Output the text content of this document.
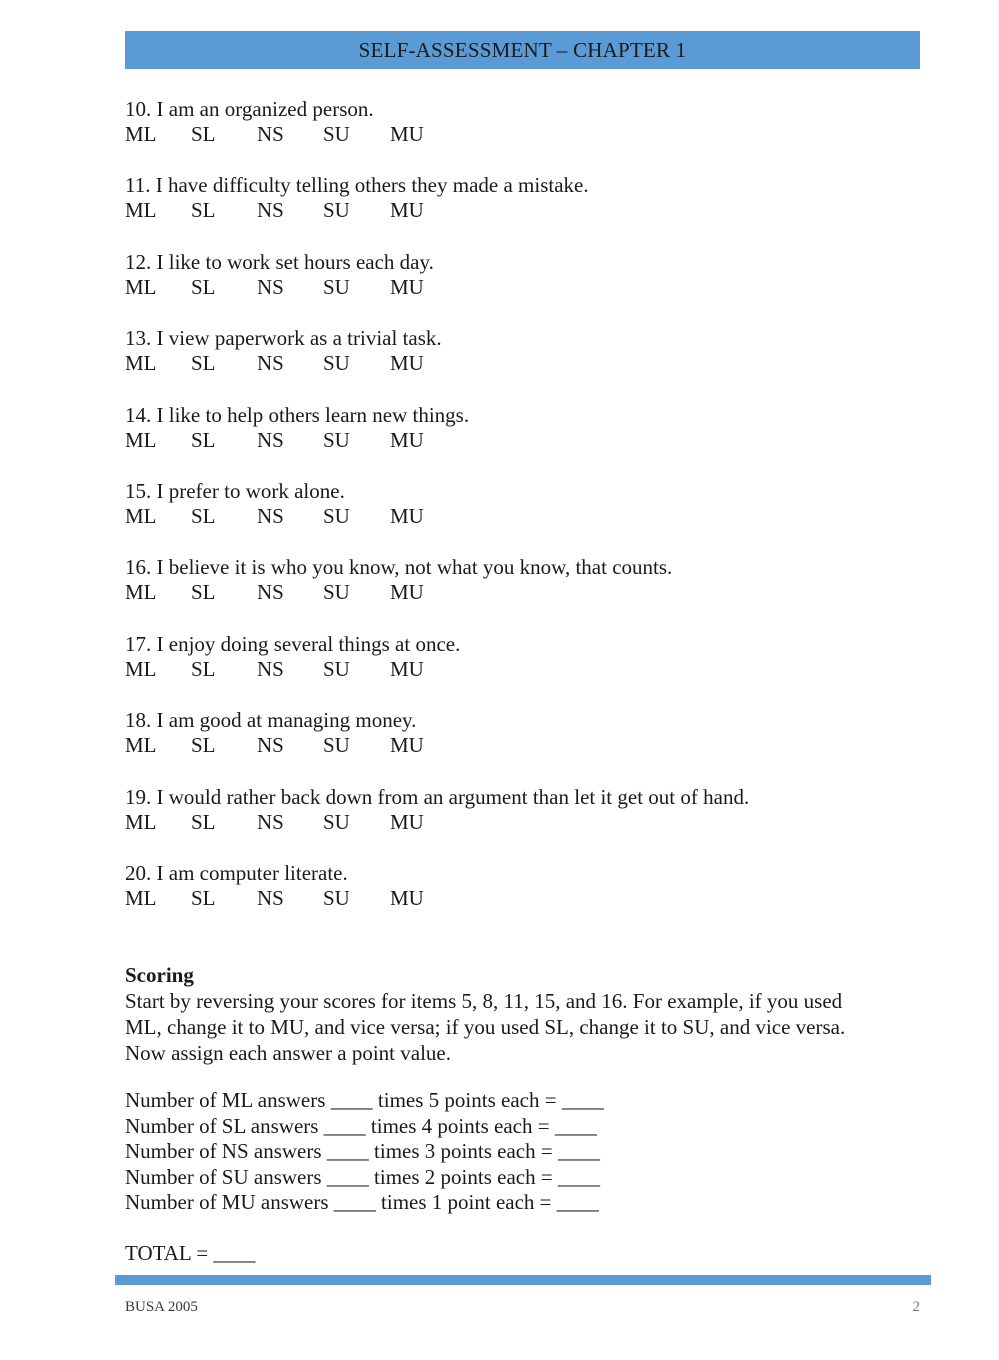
SELF-ASSESSMENT – CHAPTER 1
10. I am an organized person.
ML SL NS SU MU
11. I have difficulty telling others they made a mistake.
ML SL NS SU MU
12. I like to work set hours each day.
ML SL NS SU MU
13. I view paperwork as a trivial task.
ML SL NS SU MU
14. I like to help others learn new things.
ML SL NS SU MU
15. I prefer to work alone.
ML SL NS SU MU
16. I believe it is who you know, not what you know, that counts.
ML SL NS SU MU
17. I enjoy doing several things at once.
ML SL NS SU MU
18. I am good at managing money.
ML SL NS SU MU
19. I would rather back down from an argument than let it get out of hand.
ML SL NS SU MU
20. I am computer literate.
ML SL NS SU MU
Scoring
Start by reversing your scores for items 5, 8, 11, 15, and 16. For example, if you used
ML, change it to MU, and vice versa; if you used SL, change it to SU, and vice versa.
Now assign each answer a point value.
Number of ML answers ____ times 5 points each = ____
Number of SL answers ____ times 4 points each = ____
Number of NS answers ____ times 3 points each = ____
Number of SU answers ____ times 2 points each = ____
Number of MU answers ____ times 1 point each = ____
TOTAL = ____
BUSA 2005	2
